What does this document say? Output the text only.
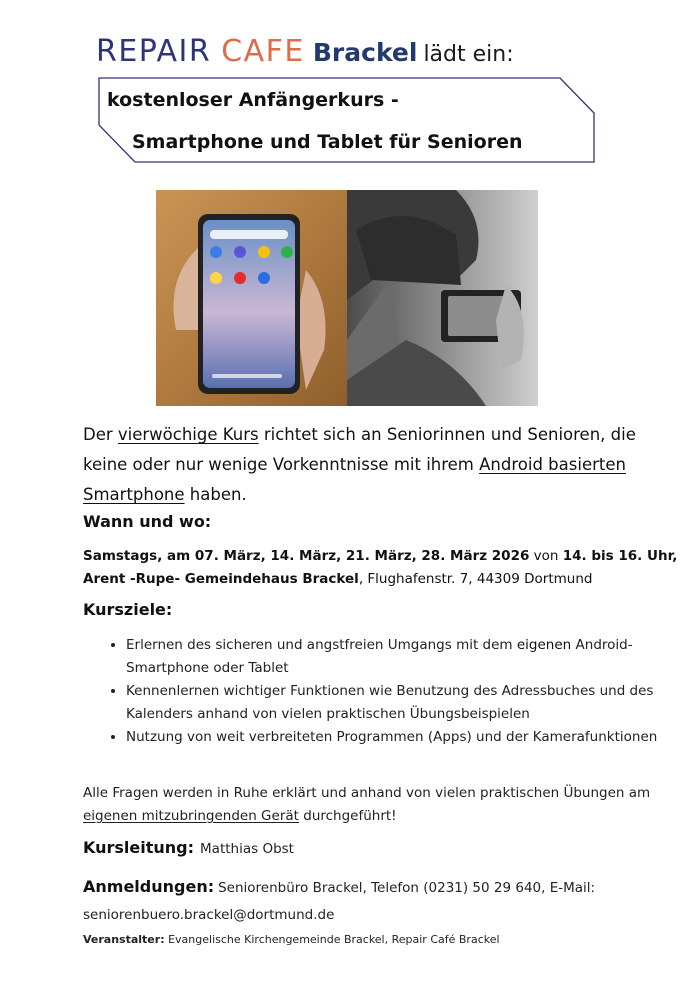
REPAIR CAFE Brackel lädt ein:
kostenloser Anfängerkurs -
Smartphone und Tablet für Senioren
Der vierwöchige Kurs richtet sich an Seniorinnen und Senioren, die keine oder nur wenige Vorkenntnisse mit ihrem Android basierten Smartphone haben.
Wann und wo:
Samstags, am 07. März, 14. März, 21. März, 28. März 2026 von 14. bis 16. Uhr,
Arent -Rupe- Gemeindehaus Brackel, Flughafenstr. 7, 44309 Dortmund
Kursziele:
• Erlernen des sicheren und angstfreien Umgangs mit dem eigenen Android- Smartphone oder Tablet
• Kennenlernen wichtiger Funktionen wie Benutzung des Adressbuches und des Kalenders anhand von vielen praktischen Übungsbeispielen
• Nutzung von weit verbreiteten Programmen (Apps) und der Kamerafunktionen
Alle Fragen werden in Ruhe erklärt und anhand von vielen praktischen Übungen am eigenen mitzubringenden Gerät durchgeführt!
Kursleitung: Matthias Obst
Anmeldungen: Seniorenbüro Brackel, Telefon (0231) 50 29 640, E-Mail: seniorenbuero.brackel@dortmund.de
Veranstalter: Evangelische Kirchengemeinde Brackel, Repair Café Brackel
